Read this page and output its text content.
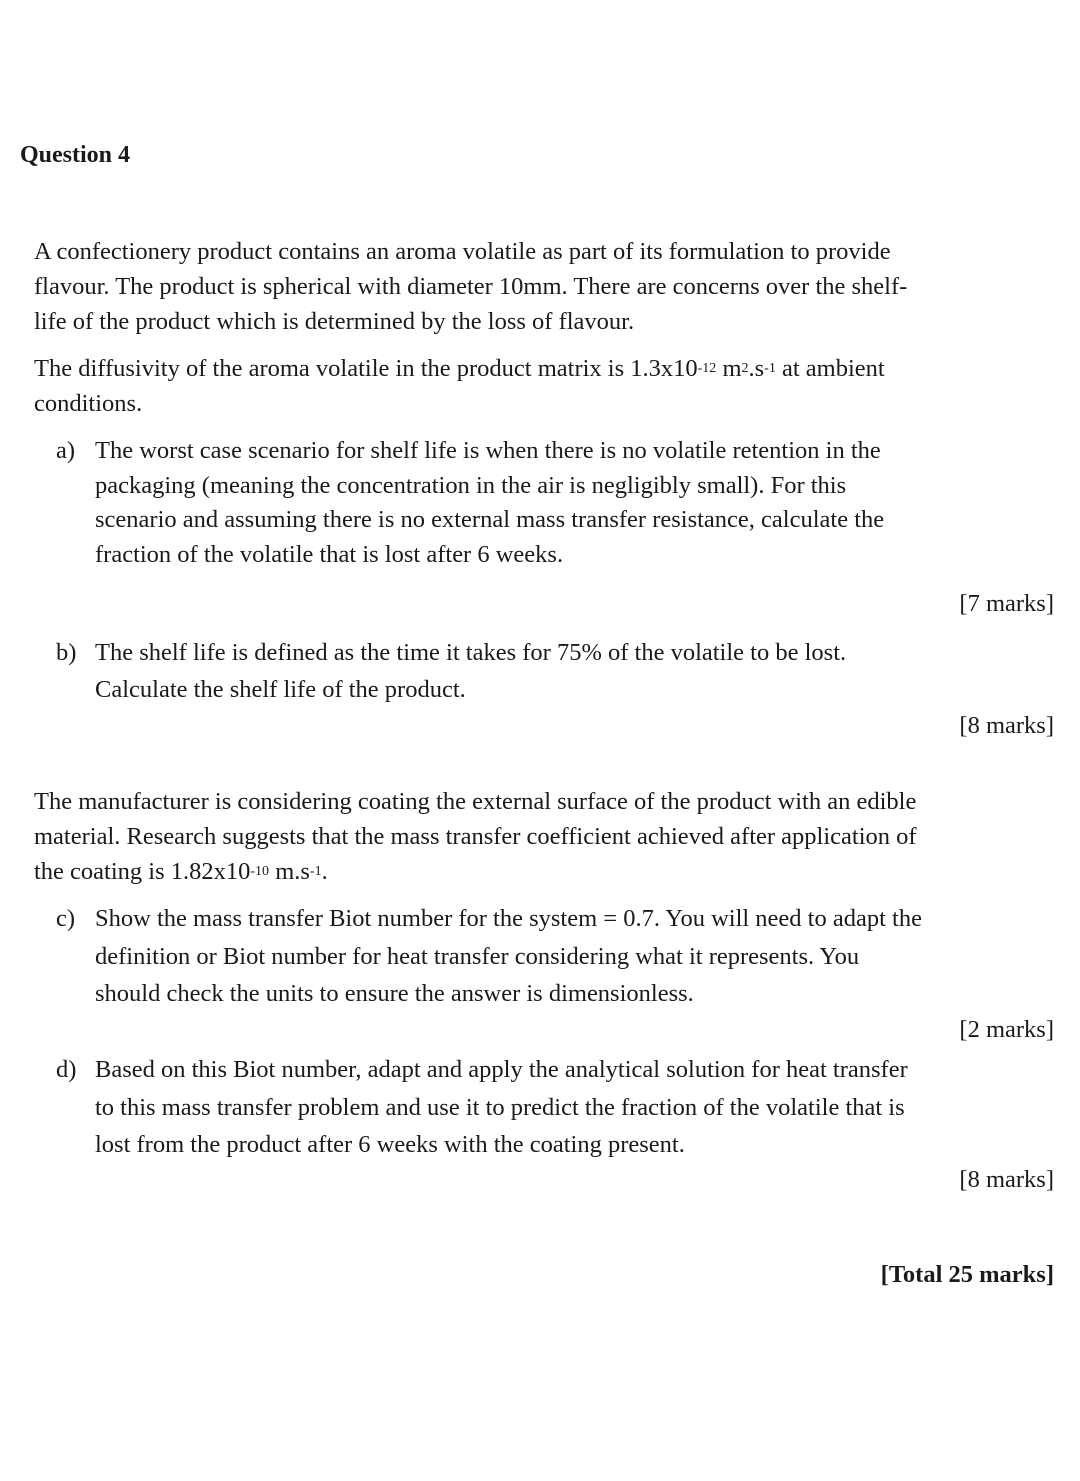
Question 4
A confectionery product contains an aroma volatile as part of its formulation to provide
flavour. The product is spherical with diameter 10mm. There are concerns over the shelf-
life of the product which is determined by the loss of flavour.
The diffusivity of the aroma volatile in the product matrix is $1.3x10^{-12}$ $m^2.s^{-1}$ at ambient
conditions.
a) The worst case scenario for shelf life is when there is no volatile retention in the
packaging (meaning the concentration in the air is negligibly small). For this
scenario and assuming there is no external mass transfer resistance, calculate the
fraction of the volatile that is lost after 6 weeks.
[7 marks]
b) The shelf life is defined as the time it takes for 75% of the volatile to be lost.
Calculate the shelf life of the product.
[8 marks]
The manufacturer is considering coating the external surface of the product with an edible
material. Research suggests that the mass transfer coefficient achieved after application of
the coating is $1.82x10^{-10}$ $m.s^{-1}$.
c) Show the mass transfer Biot number for the system = 0.7. You will need to adapt the
definition or Biot number for heat transfer considering what it represents. You
should check the units to ensure the answer is dimensionless.
[2 marks]
d) Based on this Biot number, adapt and apply the analytical solution for heat transfer
to this mass transfer problem and use it to predict the fraction of the volatile that is
lost from the product after 6 weeks with the coating present.
[8 marks]
[Total 25 marks]
